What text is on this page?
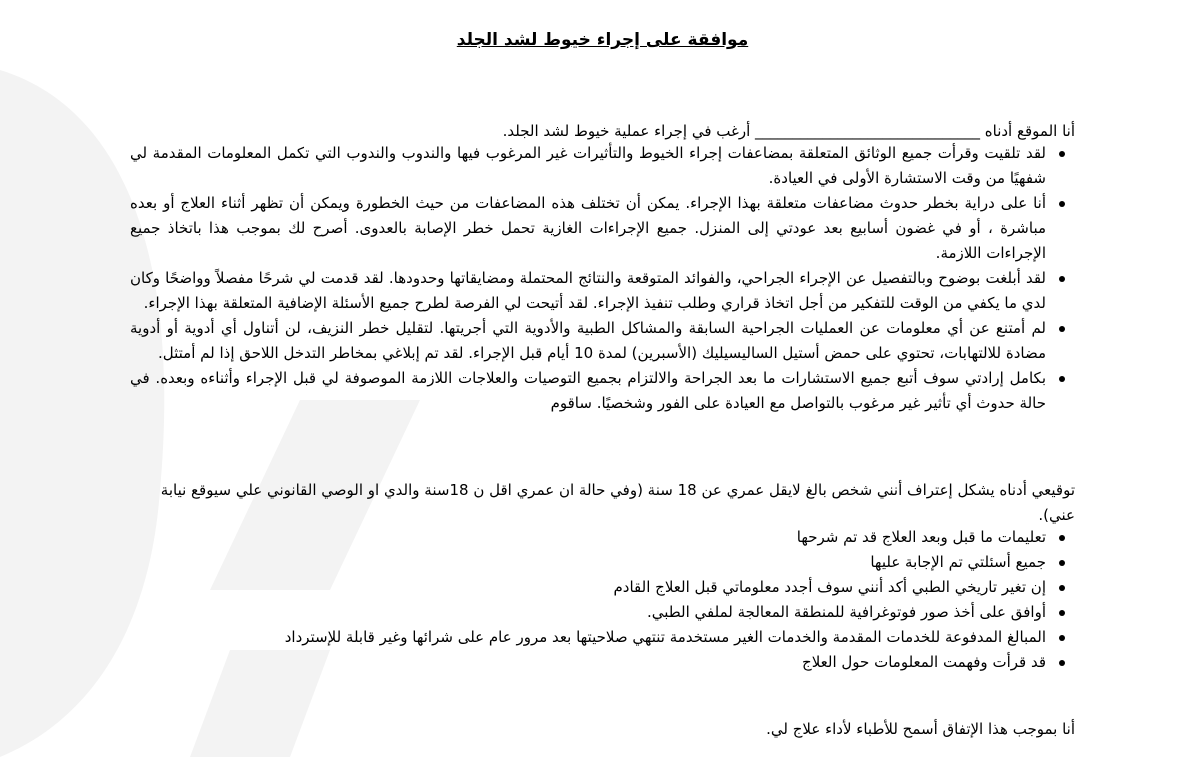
موافقة على إجراء خيوط لشد الجلد

أنا الموقع أدناه ______________________________ أرغب في إجراء عملية خيوط لشد الجلد.

لقد تلقيت وقرأت جميع الوثائق المتعلقة بمضاعفات إجراء الخيوط والتأثيرات غير المرغوب فيها والندوب والندوب التي تكمل المعلومات المقدمة لي شفهيًا من وقت الاستشارة الأولى في العيادة.
أنا على دراية بخطر حدوث مضاعفات متعلقة بهذا الإجراء. يمكن أن تختلف هذه المضاعفات من حيث الخطورة ويمكن أن تظهر أثناء العلاج أو بعده مباشرة ، أو في غضون أسابيع بعد عودتي إلى المنزل. جميع الإجراءات الغازية تحمل خطر الإصابة بالعدوى. أصرح لك بموجب هذا باتخاذ جميع الإجراءات اللازمة.
لقد أبلغت بوضوح وبالتفصيل عن الإجراء الجراحي، والفوائد المتوقعة والنتائج المحتملة ومضايقاتها وحدودها. لقد قدمت لي شرحًا مفصلاً وواضحًا وكان لدي ما يكفي من الوقت للتفكير من أجل اتخاذ قراري وطلب تنفيذ الإجراء. لقد أتيحت لي الفرصة لطرح جميع الأسئلة الإضافية المتعلقة بهذا الإجراء.
لم أمتنع عن أي معلومات عن العمليات الجراحية السابقة والمشاكل الطبية والأدوية التي أجريتها. لتقليل خطر النزيف، لن أتناول أي أدوية أو أدوية مضادة للالتهابات، تحتوي على حمض أستيل الساليسيليك (الأسبرين) لمدة 10 أيام قبل الإجراء. لقد تم إبلاغي بمخاطر التدخل اللاحق إذا لم أمتثل.
بكامل إرادتي سوف أتبع جميع الاستشارات ما بعد الجراحة والالتزام بجميع التوصيات والعلاجات اللازمة الموصوفة لي قبل الإجراء وأثناءه وبعده. في حالة حدوث أي تأثير غير مرغوب بالتواصل مع العيادة على الفور وشخصيًا. ساقوم

توقيعي أدناه يشكل إعتراف أنني شخص بالغ لايقل عمري عن 18 سنة (وفي حالة ان عمري اقل ن 18سنة والدي او الوصي القانوني علي سيوقع نيابة عني).

تعليمات ما قبل وبعد العلاج قد تم شرحها
جميع أسئلتي تم الإجابة عليها
إن تغير تاريخي الطبي أكد أنني سوف أجدد معلوماتي قبل العلاج القادم
أوافق على أخذ صور فوتوغرافية للمنطقة المعالجة لملفي الطبي.
المبالغ المدفوعة للخدمات المقدمة والخدمات الغير مستخدمة تنتهي صلاحيتها بعد مرور عام على شرائها وغير قابلة للإسترداد
قد قرأت وفهمت المعلومات حول العلاج

أنا بموجب هذا الإتفاق أسمح للأطباء لأداء علاج لي.
